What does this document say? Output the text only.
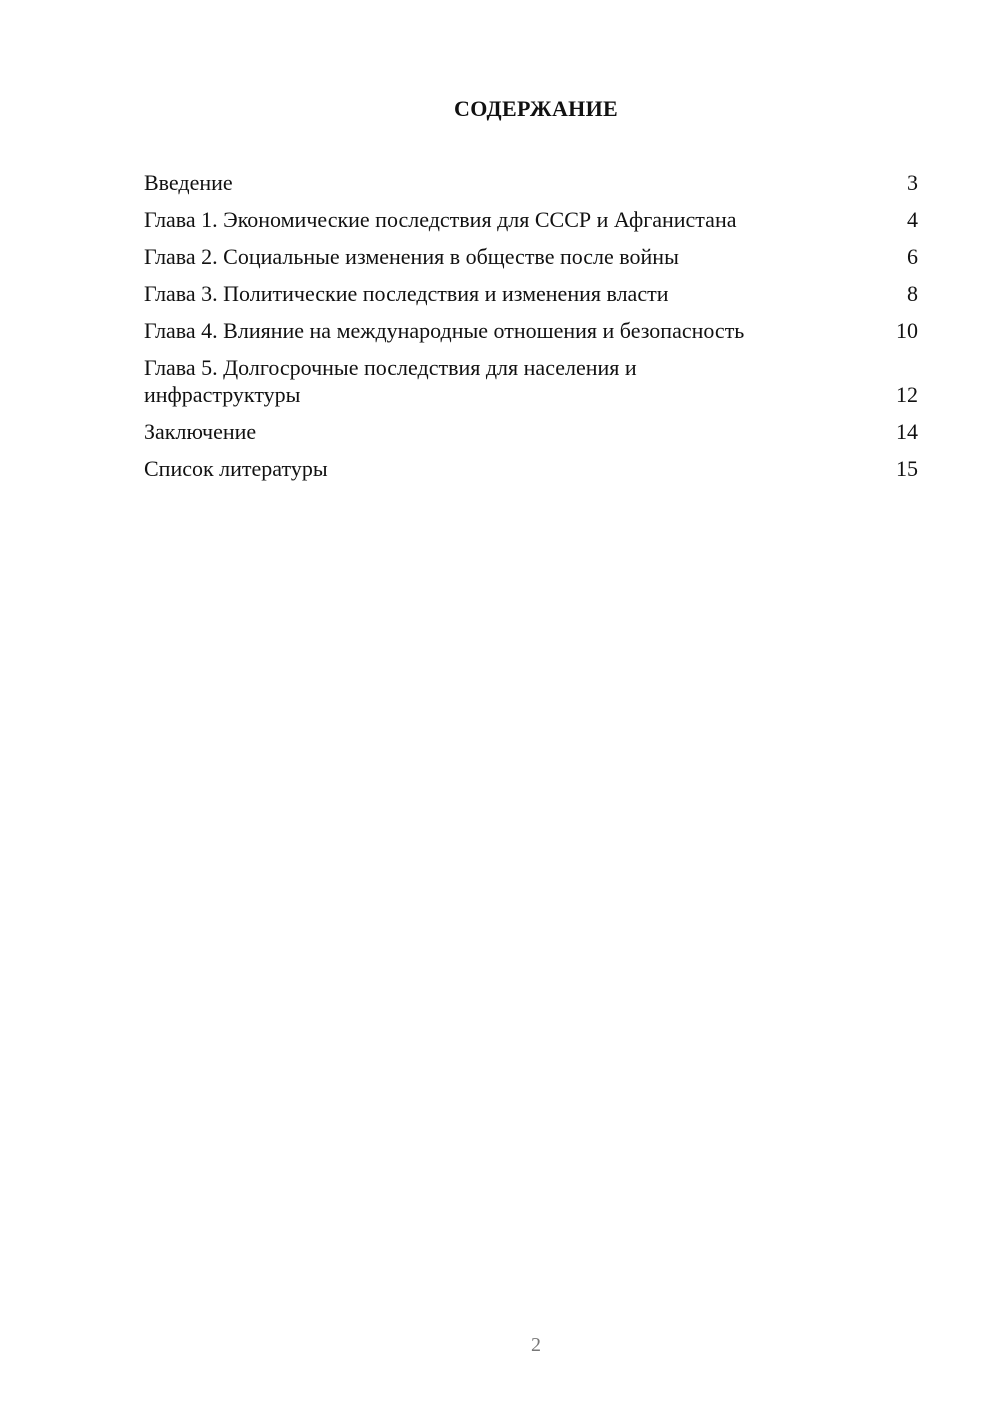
СОДЕРЖАНИЕ
Введение	3
Глава 1. Экономические последствия для СССР и Афганистана	4
Глава 2. Социальные изменения в обществе после войны	6
Глава 3. Политические последствия и изменения власти	8
Глава 4. Влияние на международные отношения и безопасность	10
Глава 5. Долгосрочные последствия для населения и инфраструктуры	12
Заключение	14
Список литературы	15
2
